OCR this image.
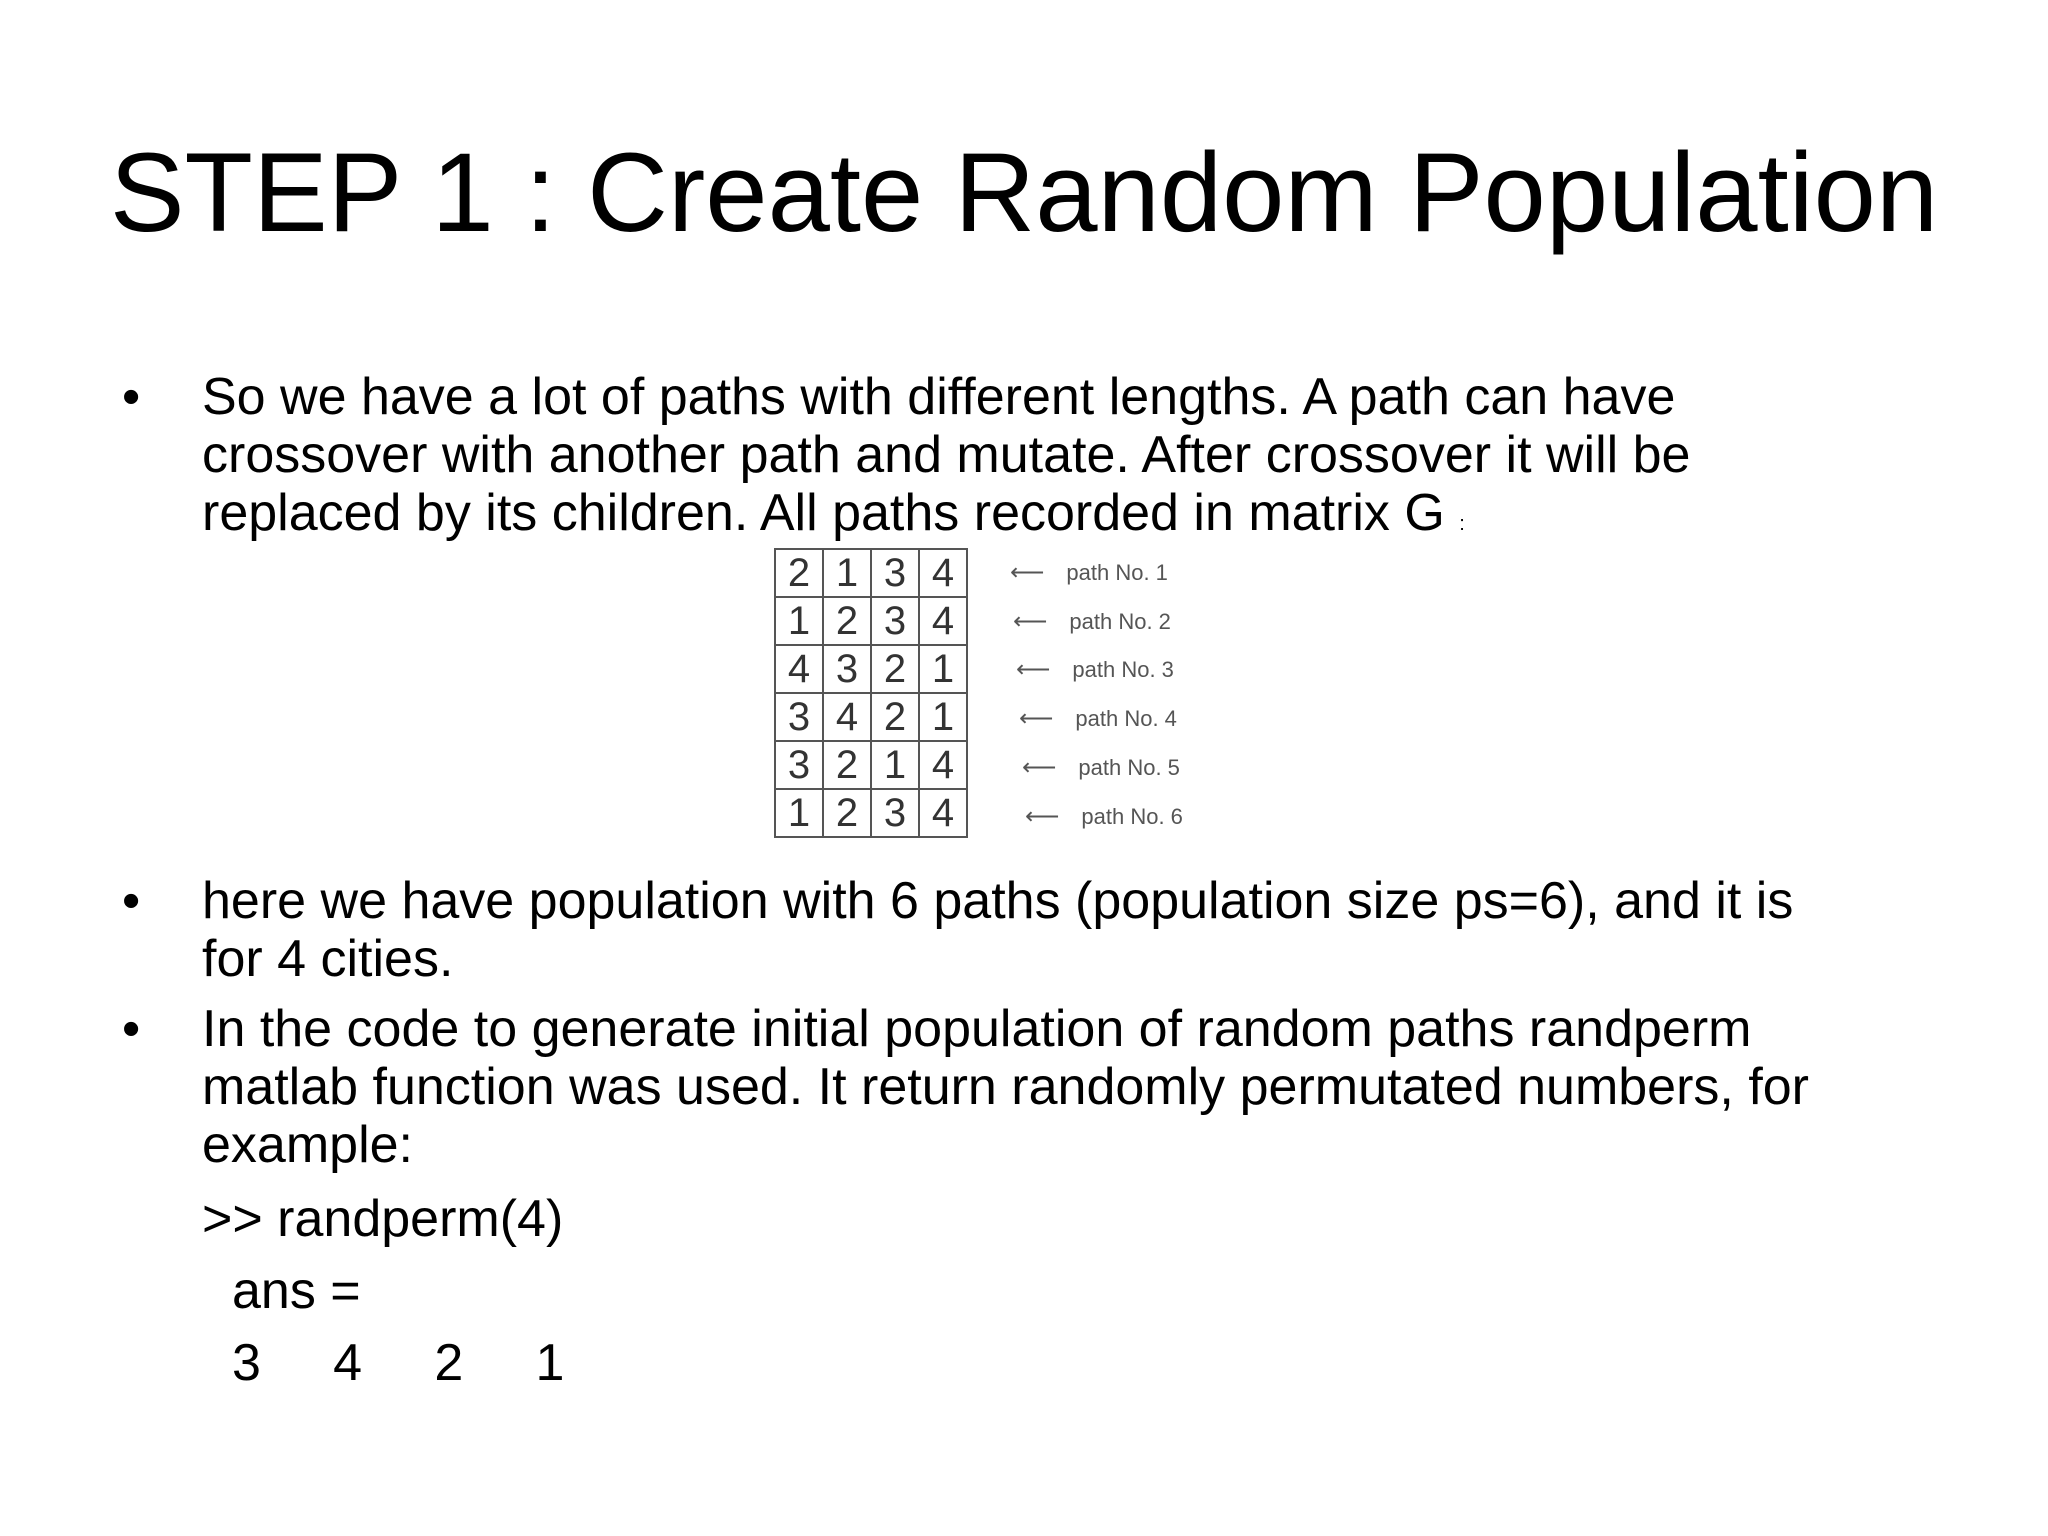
STEP 1 : Create Random Population
• So we have a lot of paths with different lengths. A path can have
crossover with another path and mutate. After crossover it will be
replaced by its children. All paths recorded in matrix G :
2	1	3	4
1	2	3	4
4	3	2	1
3	4	2	1
3	2	1	4
1	2	3	4
⟵ path No. 1
⟵ path No. 2
⟵ path No. 3
⟵ path No. 4
⟵ path No. 5
⟵ path No. 6
• here we have population with 6 paths (population size ps=6), and it is
for 4 cities.
• In the code to generate initial population of random paths randperm
matlab function was used. It return randomly permutated numbers, for
example:
>> randperm(4)
ans =
3     4     2     1
